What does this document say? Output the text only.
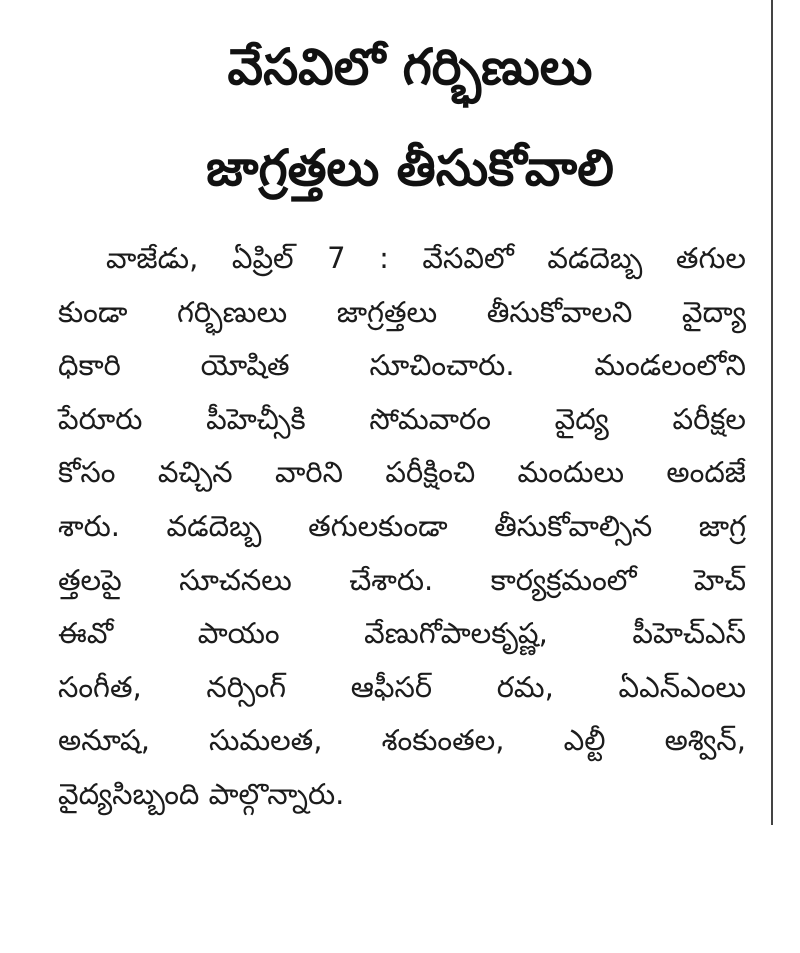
వేసవిలో గర్భిణులు
జాగ్రత్తలు తీసుకోవాలి
వాజేడు, ఏప్రిల్ 7 : వేసవిలో వడదెబ్బ తగుల
కుండా గర్భిణులు జాగ్రత్తలు తీసుకోవాలని వైద్యా
ధికారి యోషిత సూచించారు. మండలంలోని
పేరూరు పీహెచ్సీకి సోమవారం వైద్య పరీక్షల
కోసం వచ్చిన వారిని పరీక్షించి మందులు అందజే
శారు. వడదెబ్బ తగులకుండా తీసుకోవాల్సిన జాగ్ర
త్తలపై సూచనలు చేశారు. కార్యక్రమంలో హెచ్
ఈవో పాయం వేణుగోపాలకృష్ణ, పీహెచ్ఎస్
సంగీత, నర్సింగ్ ఆఫీసర్ రమ, ఏఎన్ఎంలు
అనూష, సుమలత, శంకుంతల, ఎల్టీ అశ్విన్,
వైద్యసిబ్బంది పాల్గొన్నారు.
